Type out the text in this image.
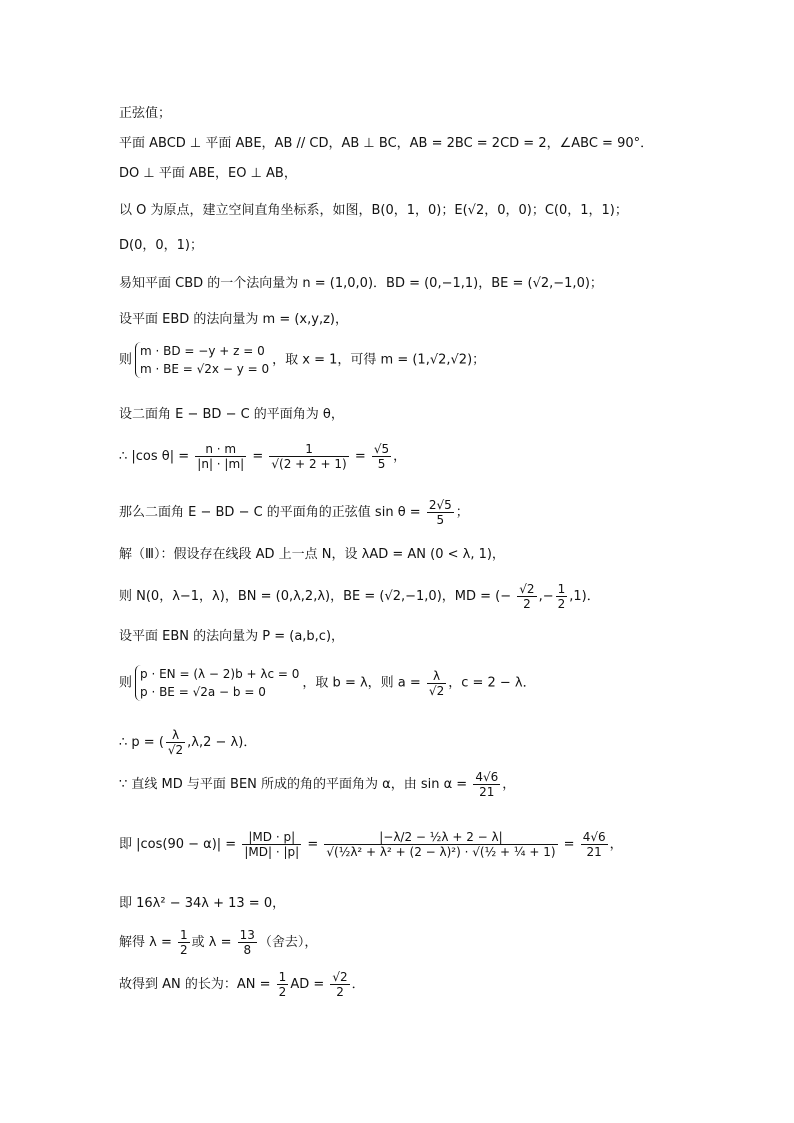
正弦值；
平面 ABCD ⊥ 平面 ABE，AB // CD，AB ⊥ BC，AB = 2BC = 2CD = 2，∠ABC = 90°．
DO ⊥ 平面 ABE，EO ⊥ AB，
以 O 为原点，建立空间直角坐标系，如图，B(0，1，0)；E(√2，0，0)；C(0，1，1)；
D(0，0，1)；
易知平面 CBD 的一个法向量为 n = (1,0,0)．BD = (0,−1,1)，BE = (√2,−1,0)；
设平面 EBD 的法向量为 m = (x,y,z)，
则
m · BD = −y + z = 0
m · BE = √2x − y = 0
，取 x = 1，可得 m = (1,√2,√2)；
设二面角 E − BD − C 的平面角为 θ，
∴ |cos $\theta| = \frac{n \cdot m}{|n| \cdot |m|} = \frac{1}{√(2 + 2 + 1)} = \frac{√5}{5}$ ，
那么二面角 E − BD − C 的平面角的正弦值 $\sin \theta = \frac{2√5}{5}$ ；
解（Ⅲ）：假设存在线段 AD 上一点 N，设 λAD = AN (0 < λ, 1)，
则 N(0，λ−1，λ)，BN = (0,λ,2,λ)，BE = (√2,−1,0)，MD = (− $\frac{√2}{2}$ ,− $\frac{1}{2} ,1$)．
设平面 EBN 的法向量为 P = (a,b,c)，
则
p · EN = (λ − 2)b + λc = 0
p · BE = √2a − b = 0
，取 b = λ，则 $a = \frac{\lambda}{√2}$ ，c = 2 − λ．
∴ p = ( $\frac{\lambda}{√2} ,\lambda,2 - \lambda$)．
∵ 直线 MD 与平面 BEN 所成的角的平面角为 α，由 $\sin \alpha = \frac{4√6}{21}$ ，
即 $|\cos(90 - \alpha)| = \frac{|MD \cdot p|}{|MD| \cdot |p|} = \frac{\text{|−λ/2 − ½λ + 2 − λ|}}{\text{√(½λ² + λ² + (2 − λ)²) · √(½ + ¼ + 1)}} = \frac{4√6}{21}$ ，
即 16λ² − 34λ + 13 = 0，
解得 $\lambda = \frac{1}{2}$ 或 $\lambda = \frac{13}{8}$ （舍去），
故得到 AN 的长为：AN = $\frac{1}{2}$ AD = $\frac{√2}{2}$ ．
